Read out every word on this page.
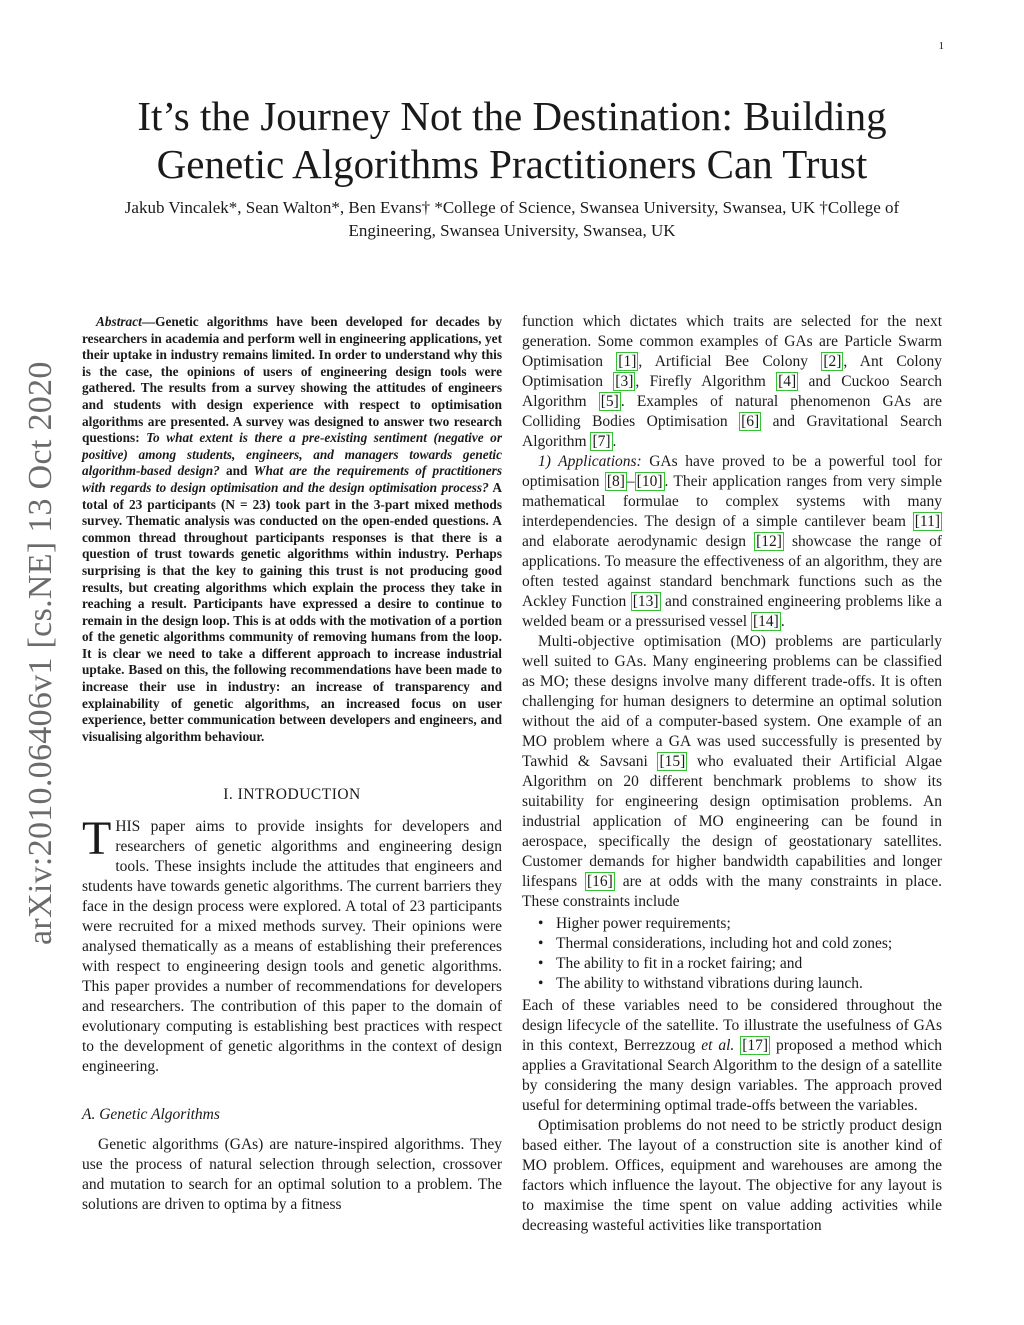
1
It’s the Journey Not the Destination: Building
Genetic Algorithms Practitioners Can Trust
Jakub Vincalek*, Sean Walton*, Ben Evans† *College of Science, Swansea University, Swansea, UK †College of
Engineering, Swansea University, Swansea, UK
arXiv:2010.06406v1 [cs.NE] 13 Oct 2020

Abstract—Genetic algorithms have been developed for decades by researchers in academia and perform well in engineering applications, yet their uptake in industry remains limited. In order to understand why this is the case, the opinions of users of engineering design tools were gathered. The results from a survey showing the attitudes of engineers and students with design experience with respect to optimisation algorithms are presented. A survey was designed to answer two research questions: To what extent is there a pre-existing sentiment (negative or positive) among students, engineers, and managers towards genetic algorithm-based design? and What are the requirements of practitioners with regards to design optimisation and the design optimisation process? A total of 23 participants (N = 23) took part in the 3-part mixed methods survey. Thematic analysis was conducted on the open-ended questions. A common thread throughout participants responses is that there is a question of trust towards genetic algorithms within industry. Perhaps surprising is that the key to gaining this trust is not producing good results, but creating algorithms which explain the process they take in reaching a result. Participants have expressed a desire to continue to remain in the design loop. This is at odds with the motivation of a portion of the genetic algorithms community of removing humans from the loop. It is clear we need to take a different approach to increase industrial uptake. Based on this, the following recommendations have been made to increase their use in industry: an increase of transparency and explainability of genetic algorithms, an increased focus on user experience, better communication between developers and engineers, and visualising algorithm behaviour.

I. INTRODUCTION

THIS paper aims to provide insights for developers and researchers of genetic algorithms and engineering design tools. These insights include the attitudes that engineers and students have towards genetic algorithms. The current barriers they face in the design process were explored. A total of 23 participants were recruited for a mixed methods survey. Their opinions were analysed thematically as a means of establishing their preferences with respect to engineering design tools and genetic algorithms. This paper provides a number of recommendations for developers and researchers. The contribution of this paper to the domain of evolutionary computing is establishing best practices with respect to the development of genetic algorithms in the context of design engineering.

A. Genetic Algorithms

Genetic algorithms (GAs) are nature-inspired algorithms. They use the process of natural selection through selection, crossover and mutation to search for an optimal solution to a problem. The solutions are driven to optima by a fitness

function which dictates which traits are selected for the next generation. Some common examples of GAs are Particle Swarm Optimisation [1] , Artificial Bee Colony [2] , Ant Colony Optimisation [3] , Firefly Algorithm [4] and Cuckoo Search Algorithm [5] . Examples of natural phenomenon GAs are Colliding Bodies Optimisation [6] and Gravitational Search Algorithm [7] .

1) Applications: GAs have proved to be a powerful tool for optimisation [8] – [10] . Their application ranges from very simple mathematical formulae to complex systems with many interdependencies. The design of a simple cantilever beam [11] and elaborate aerodynamic design [12] showcase the range of applications. To measure the effectiveness of an algorithm, they are often tested against standard benchmark functions such as the Ackley Function [13] and constrained engineering problems like a welded beam or a pressurised vessel [14] .

Multi-objective optimisation (MO) problems are particularly well suited to GAs. Many engineering problems can be classified as MO; these designs involve many different trade-offs. It is often challenging for human designers to determine an optimal solution without the aid of a computer-based system. One example of an MO problem where a GA was used successfully is presented by Tawhid & Savsani [15] who evaluated their Artificial Algae Algorithm on 20 different benchmark problems to show its suitability for engineering design optimisation problems. An industrial application of MO engineering can be found in aerospace, specifically the design of geostationary satellites. Customer demands for higher bandwidth capabilities and longer lifespans [16] are at odds with the many constraints in place. These constraints include

• Higher power requirements;
• Thermal considerations, including hot and cold zones;
• The ability to fit in a rocket fairing; and
• The ability to withstand vibrations during launch.

Each of these variables need to be considered throughout the design lifecycle of the satellite. To illustrate the usefulness of GAs in this context, Berrezzoug et al. [17] proposed a method which applies a Gravitational Search Algorithm to the design of a satellite by considering the many design variables. The approach proved useful for determining optimal trade-offs between the variables.

Optimisation problems do not need to be strictly product design based either. The layout of a construction site is another kind of MO problem. Offices, equipment and warehouses are among the factors which influence the layout. The objective for any layout is to maximise the time spent on value adding activities while decreasing wasteful activities like transportation
